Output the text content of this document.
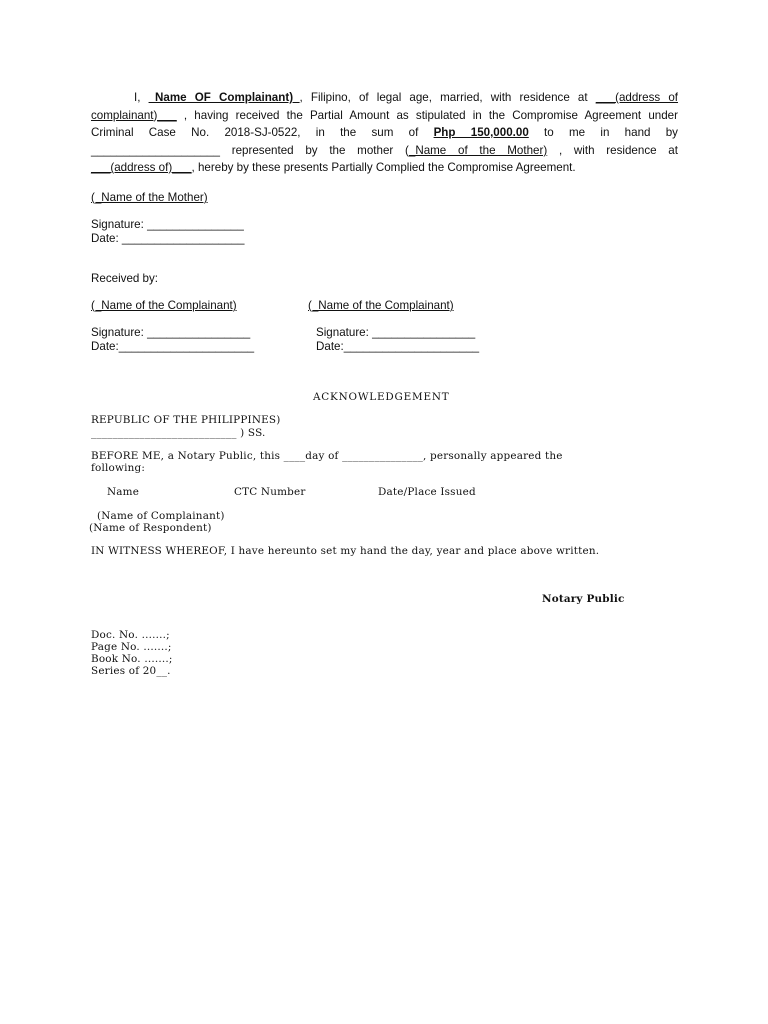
I, _Name OF Complainant)_, Filipino, of legal age, married, with residence at ___(address of
complainant)___ , having received the Partial Amount as stipulated in the Compromise Agreement under
Criminal Case No. 2018-SJ-0522, in the sum of Php 150,000.00 to me in hand by
____________________ represented by the mother (_Name of the Mother) , with residence at
___(address of)___, hereby by these presents Partially Complied the Compromise Agreement.
(_Name of the Mother)
Signature: _______________
Date: ___________________
Received by:
(_Name of the Complainant)
Signature: ________________
Date:_____________________
(_Name of the Complainant)
Signature: ________________
Date:_____________________
ACKNOWLEDGEMENT
REPUBLIC OF THE PHILIPPINES)
___________________________ ) SS.
BEFORE ME, a Notary Public, this ____day of _______________, personally appeared the
following:
Name	CTC Number	Date/Place Issued
(Name of Complainant)
(Name of Respondent)
IN WITNESS WHEREOF, I have hereunto set my hand the day, year and place above written.
Notary Public
Doc. No. .......;
Page No. .......;
Book No. .......;
Series of 20__.
